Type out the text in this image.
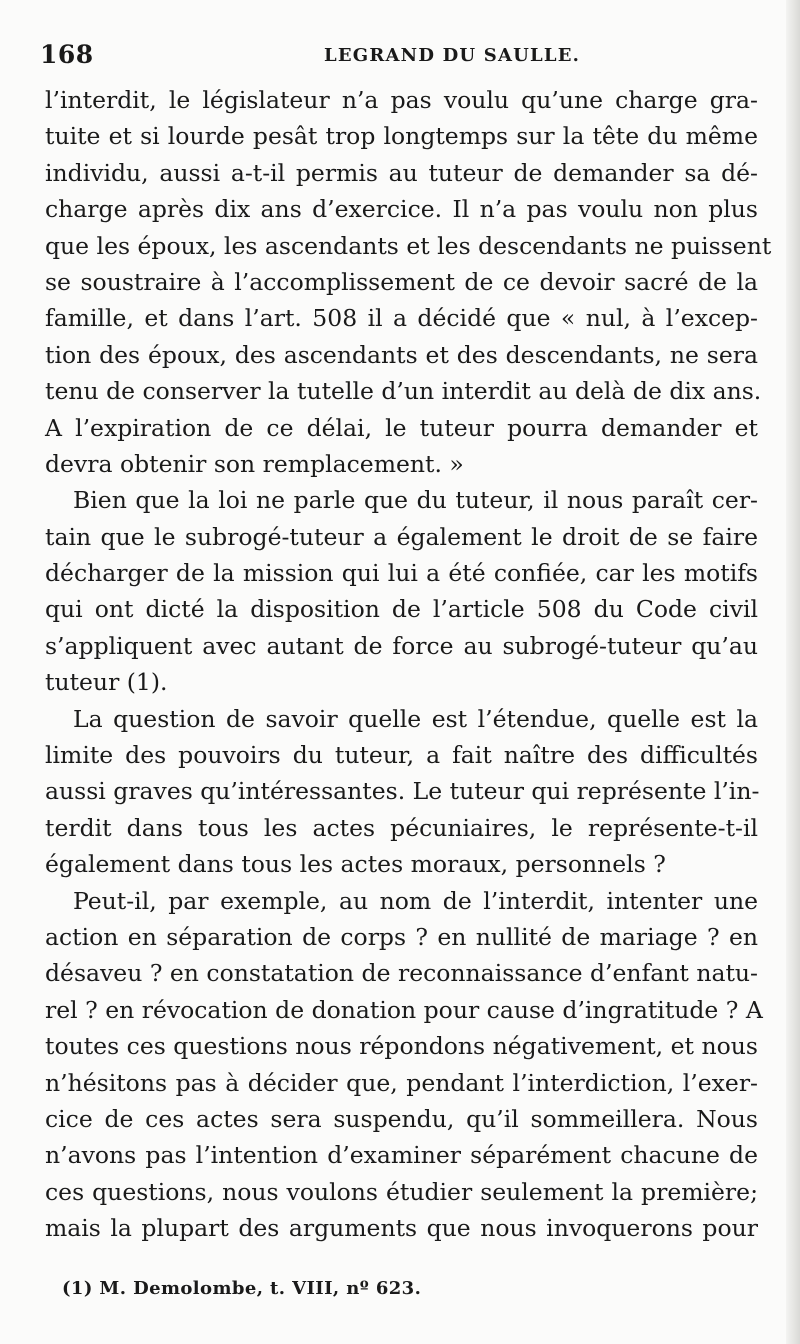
168	LEGRAND DU SAULLE.
l’interdit, le législateur n’a pas voulu qu’une charge gra-
tuite et si lourde pesât trop longtemps sur la tête du même
individu, aussi a-t-il permis au tuteur de demander sa dé-
charge après dix ans d’exercice. Il n’a pas voulu non plus
que les époux, les ascendants et les descendants ne puissent
se soustraire à l’accomplissement de ce devoir sacré de la
famille, et dans l’art. 508 il a décidé que « nul, à l’excep-
tion des époux, des ascendants et des descendants, ne sera
tenu de conserver la tutelle d’un interdit au delà de dix ans.
A l’expiration de ce délai, le tuteur pourra demander et
devra obtenir son remplacement. »
Bien que la loi ne parle que du tuteur, il nous paraît cer-
tain que le subrogé-tuteur a également le droit de se faire
décharger de la mission qui lui a été confiée, car les motifs
qui ont dicté la disposition de l’article 508 du Code civil
s’appliquent avec autant de force au subrogé-tuteur qu’au
tuteur (1).
La question de savoir quelle est l’étendue, quelle est la
limite des pouvoirs du tuteur, a fait naître des difficultés
aussi graves qu’intéressantes. Le tuteur qui représente l’in-
terdit dans tous les actes pécuniaires, le représente-t-il
également dans tous les actes moraux, personnels ?
Peut-il, par exemple, au nom de l’interdit, intenter une
action en séparation de corps ? en nullité de mariage ? en
désaveu ? en constatation de reconnaissance d’enfant natu-
rel ? en révocation de donation pour cause d’ingratitude ? A
toutes ces questions nous répondons négativement, et nous
n’hésitons pas à décider que, pendant l’interdiction, l’exer-
cice de ces actes sera suspendu, qu’il sommeillera. Nous
n’avons pas l’intention d’examiner séparément chacune de
ces questions, nous voulons étudier seulement la première;
mais la plupart des arguments que nous invoquerons pour
(1) M. Demolombe, t. VIII, nº 623.
